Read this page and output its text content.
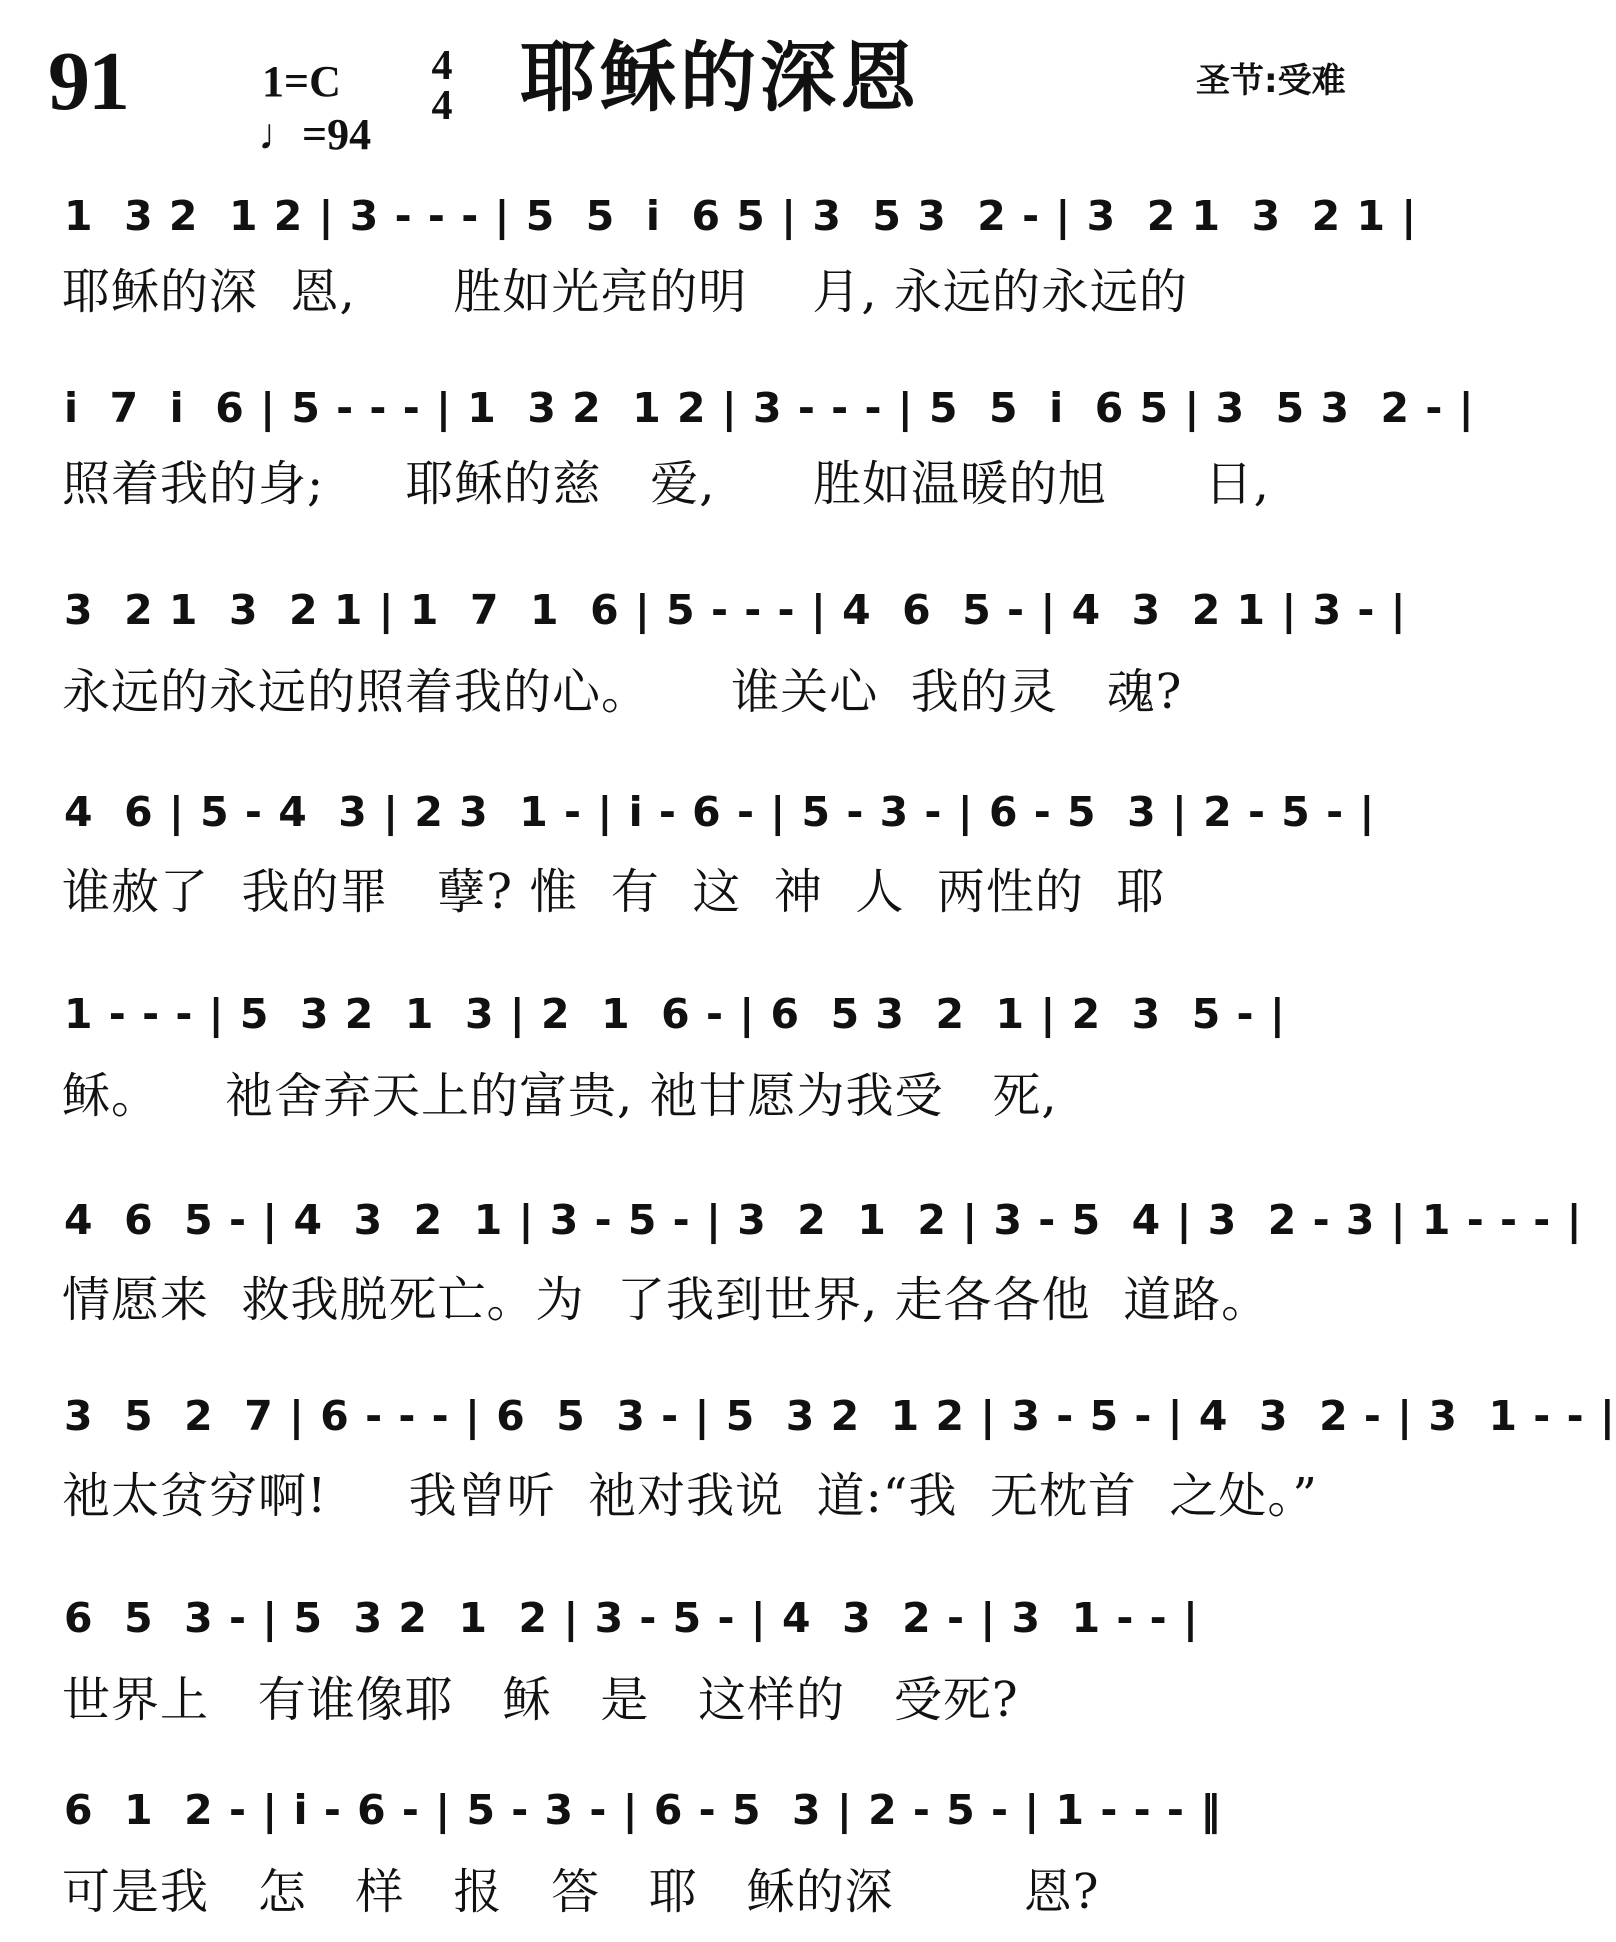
91	1=C
♩=94
4
4 耶稣的深恩	圣节:受难
1  3 2  1 2 | 3 - - - | 5  5  i  6 5 | 3  5 3  2 - | 3  2 1  3  2 1 |
耶稣的深  恩,      胜如光亮的明    月, 永远的永远的
i  7  i  6 | 5 - - - | 1  3 2  1 2 | 3 - - - | 5  5  i  6 5 | 3  5 3  2 - |
照着我的身;     耶稣的慈   爱,      胜如温暖的旭      日,
3  2 1  3  2 1 | 1  7  1  6 | 5 - - - | 4  6  5 - | 4  3  2 1 | 3 - |
永远的永远的照着我的心。     谁关心  我的灵   魂?
4  6 | 5 - 4  3 | 2 3  1 - | i - 6 - | 5 - 3 - | 6 - 5  3 | 2 - 5 - |
谁赦了  我的罪   孽? 惟  有  这  神  人  两性的  耶
1 - - - | 5  3 2  1  3 | 2  1  6 - | 6  5 3  2  1 | 2  3  5 - |
稣。    祂舍弃天上的富贵, 祂甘愿为我受   死,
4  6  5 - | 4  3  2  1 | 3 - 5 - | 3  2  1  2 | 3 - 5  4 | 3  2 - 3 | 1 - - - |
情愿来  救我脱死亡。为  了我到世界, 走各各他  道路。
3  5  2  7 | 6 - - - | 6  5  3 - | 5  3 2  1 2 | 3 - 5 - | 4  3  2 - | 3  1 - - |
祂太贫穷啊!     我曾听  祂对我说  道:“我  无枕首  之处。”
6  5  3 - | 5  3 2  1  2 | 3 - 5 - | 4  3  2 - | 3  1 - - |
世界上   有谁像耶   稣   是   这样的   受死?
6  1  2 - | i - 6 - | 5 - 3 - | 6 - 5  3 | 2 - 5 - | 1 - - - ‖
可是我   怎   样   报   答   耶   稣的深        恩?
